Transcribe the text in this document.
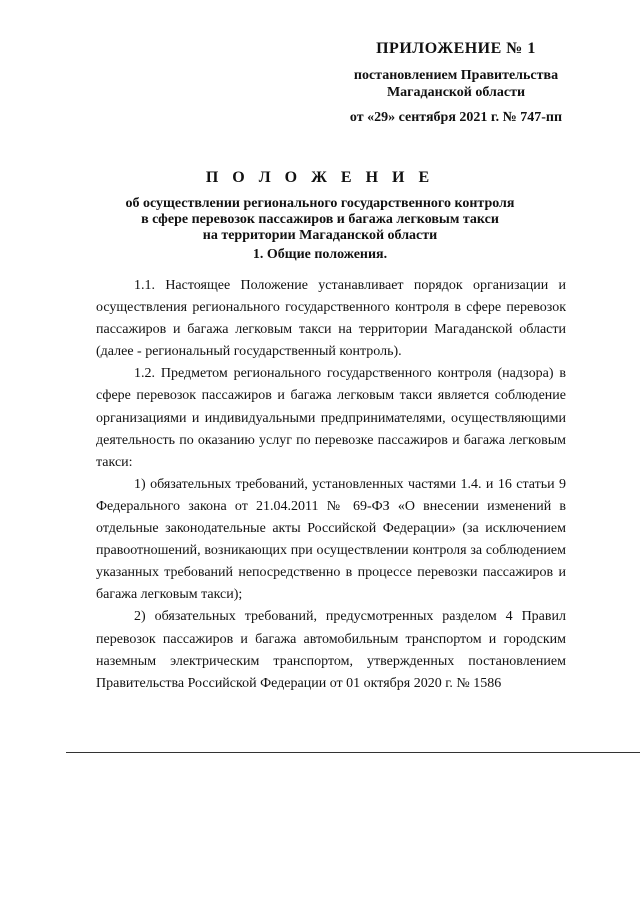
ПРИЛОЖЕНИЕ № 1
постановлением Правительства
Магаданской области
от «29» сентября 2021 г. № 747-пп
П О Л О Ж Е Н И Е
об осуществлении регионального государственного контроля
в сфере перевозок пассажиров и багажа легковым такси
на территории Магаданской области
1. Общие положения.

1.1. Настоящее Положение устанавливает порядок организации и осуществления регионального государственного контроля в сфере перевозок пассажиров и багажа легковым такси на территории Магаданской области (далее - региональный государственный контроль).

1.2. Предметом регионального государственного контроля (надзора) в сфере перевозок пассажиров и багажа легковым такси является соблюдение организациями и индивидуальными предпринимателями, осуществляющими деятельность по оказанию услуг по перевозке пассажиров и багажа легковым такси:

1) обязательных требований, установленных частями 1.4. и 16 статьи 9 Федерального закона от 21.04.2011 № 69-ФЗ «О внесении изменений в отдельные законодательные акты Российской Федерации» (за исключением правоотношений, возникающих при осуществлении контроля за соблюдением указанных требований непосредственно в процессе перевозки пассажиров и багажа легковым такси);

2) обязательных требований, предусмотренных разделом 4 Правил перевозок пассажиров и багажа автомобильным транспортом и городским наземным электрическим транспортом, утвержденных постановлением Правительства Российской Федерации от 01 октября 2020 г. № 1586
